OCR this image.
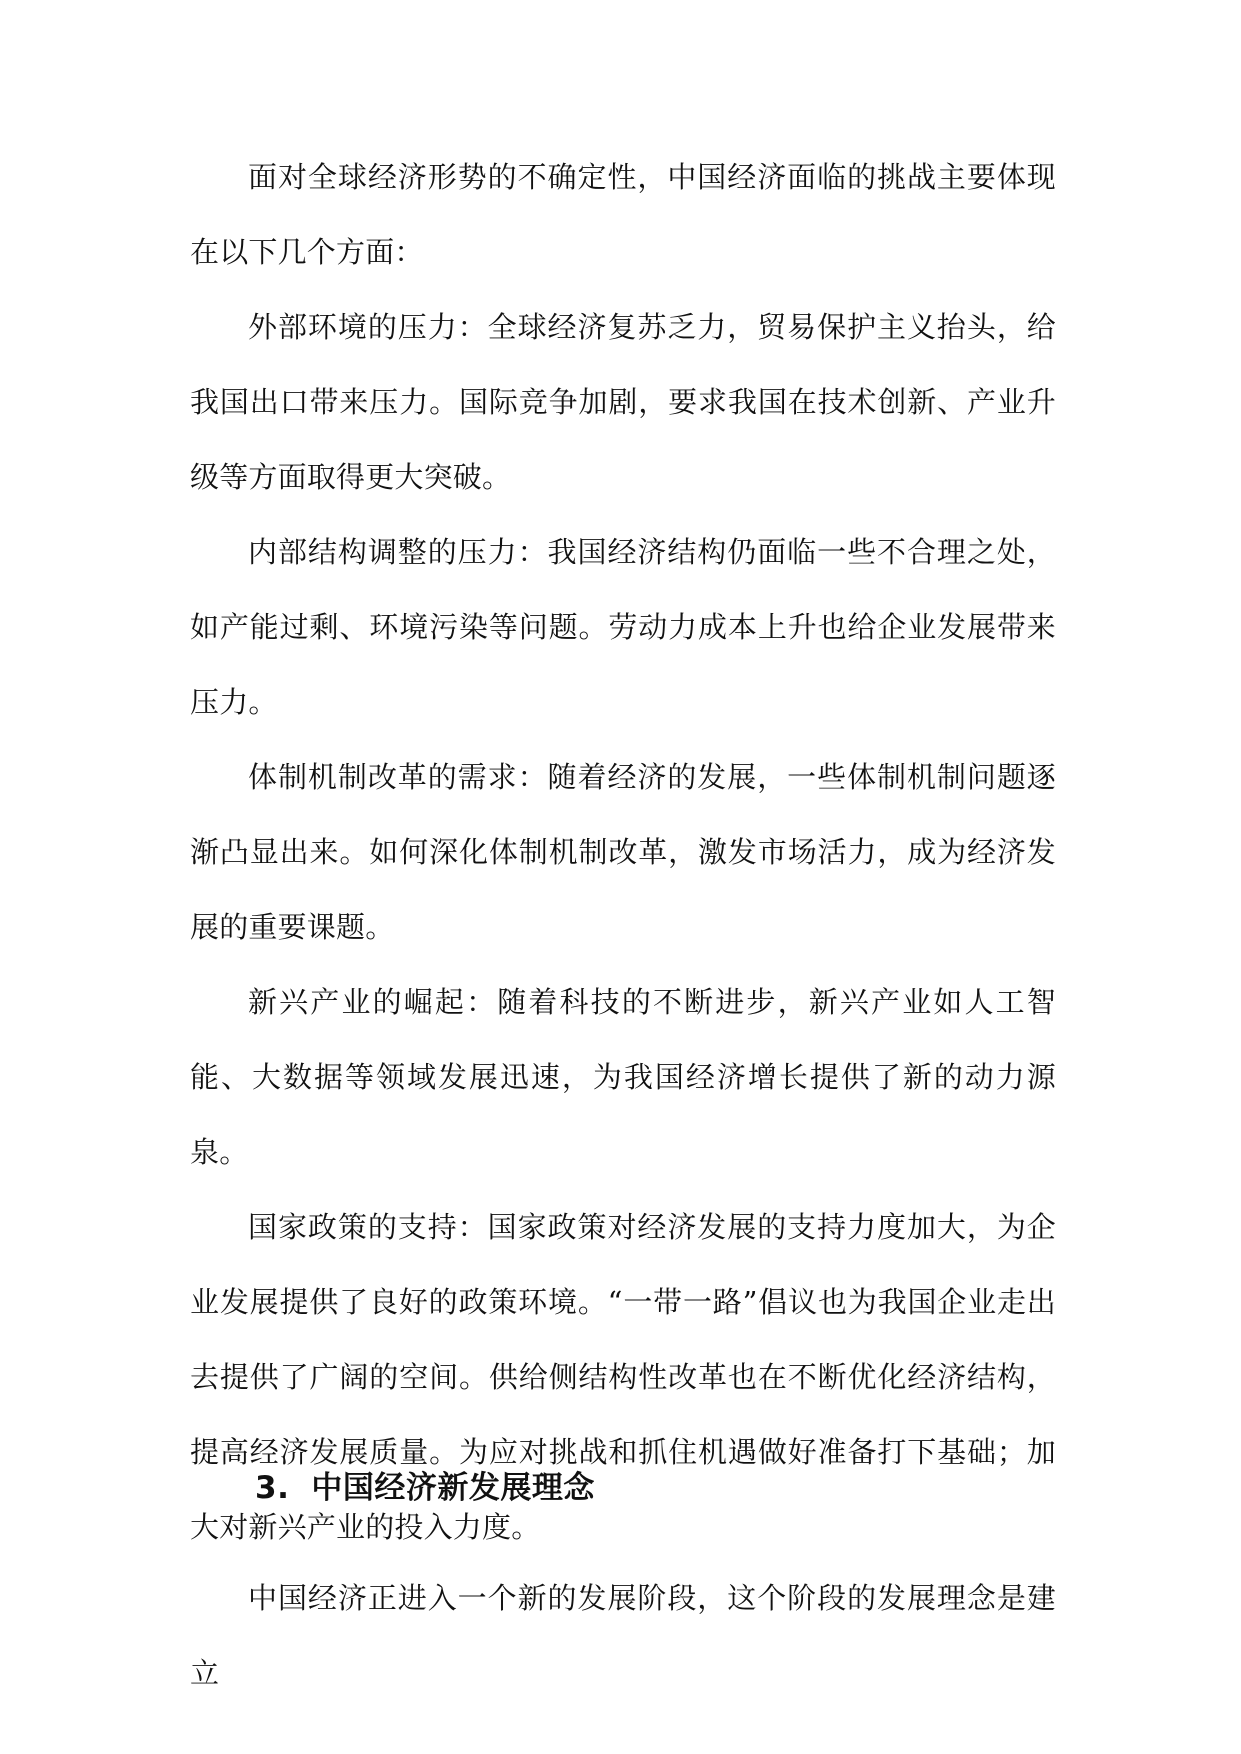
面对全球经济形势的不确定性，中国经济面临的挑战主要体现在以下几个方面：

外部环境的压力：全球经济复苏乏力，贸易保护主义抬头，给我国出口带来压力。国际竞争加剧，要求我国在技术创新、产业升级等方面取得更大突破。

内部结构调整的压力：我国经济结构仍面临一些不合理之处，如产能过剩、环境污染等问题。劳动力成本上升也给企业发展带来压力。

体制机制改革的需求：随着经济的发展，一些体制机制问题逐渐凸显出来。如何深化体制机制改革，激发市场活力，成为经济发展的重要课题。

新兴产业的崛起：随着科技的不断进步，新兴产业如人工智能、大数据等领域发展迅速，为我国经济增长提供了新的动力源泉。

国家政策的支持：国家政策对经济发展的支持力度加大，为企业发展提供了良好的政策环境。“一带一路”倡议也为我国企业走出去提供了广阔的空间。供给侧结构性改革也在不断优化经济结构，提高经济发展质量。为应对挑战和抓住机遇做好准备打下基础；加大对新兴产业的投入力度。

3. 中国经济新发展理念

中国经济正进入一个新的发展阶段，这个阶段的发展理念是建立
